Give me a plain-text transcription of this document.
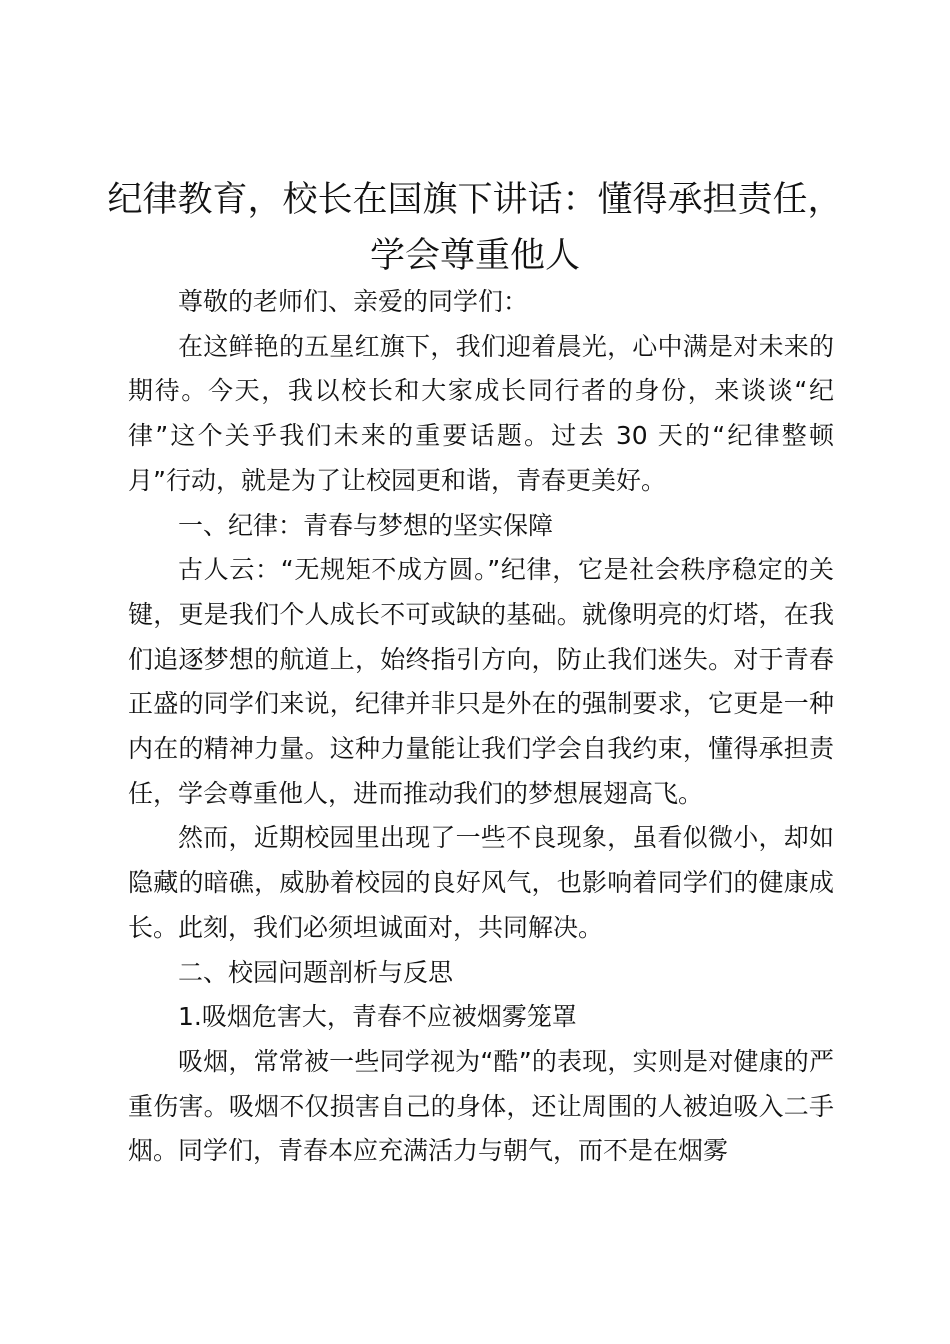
纪律教育，校长在国旗下讲话：懂得承担责任，
学会尊重他人

尊敬的老师们、亲爱的同学们：

在这鲜艳的五星红旗下，我们迎着晨光，心中满是对未来的期待。今天，我以校长和大家成长同行者的身份，来谈谈“纪律”这个关乎我们未来的重要话题。过去 30 天的“纪律整顿月”行动，就是为了让校园更和谐，青春更美好。

一、纪律：青春与梦想的坚实保障

古人云：“无规矩不成方圆。”纪律，它是社会秩序稳定的关键，更是我们个人成长不可或缺的基础。就像明亮的灯塔，在我们追逐梦想的航道上，始终指引方向，防止我们迷失。对于青春正盛的同学们来说，纪律并非只是外在的强制要求，它更是一种内在的精神力量。这种力量能让我们学会自我约束，懂得承担责任，学会尊重他人，进而推动我们的梦想展翅高飞。

然而，近期校园里出现了一些不良现象，虽看似微小，却如隐藏的暗礁，威胁着校园的良好风气，也影响着同学们的健康成长。此刻，我们必须坦诚面对，共同解决。

二、校园问题剖析与反思

1.吸烟危害大，青春不应被烟雾笼罩

吸烟，常常被一些同学视为“酷”的表现，实则是对健康的严重伤害。吸烟不仅损害自己的身体，还让周围的人被迫吸入二手烟。同学们，青春本应充满活力与朝气，而不是在烟雾
